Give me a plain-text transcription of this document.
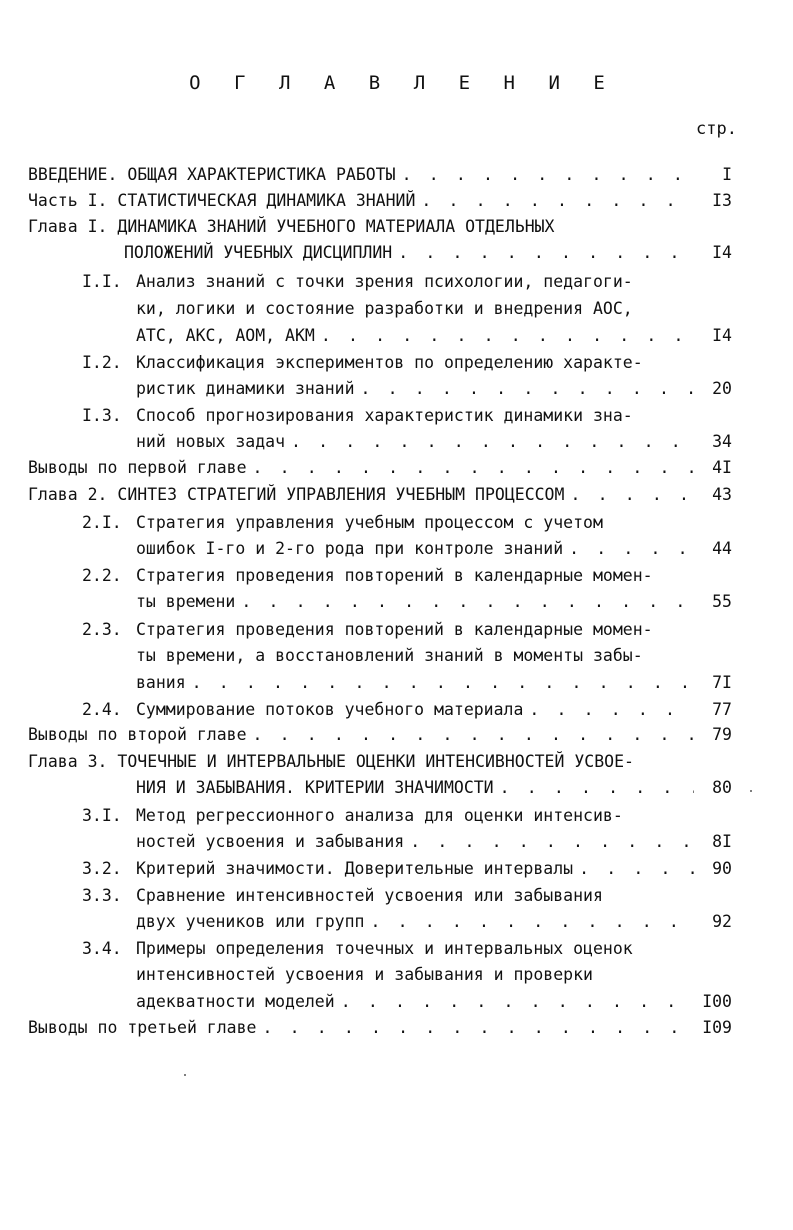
О Г Л А В Л Е Н И Е
стр.
ВВЕДЕНИЕ. ОБЩАЯ ХАРАКТЕРИСТИКА РАБОТЫ . . .	I
Часть I. СТАТИСТИЧЕСКАЯ ДИНАМИКА ЗНАНИЙ . . .	I3
Глава I. ДИНАМИКА ЗНАНИЙ УЧЕБНОГО МАТЕРИАЛА ОТДЕЛЬНЫХ
ПОЛОЖЕНИЙ УЧЕБНЫХ ДИСЦИПЛИН . . .	I4
I.I. Анализ знаний с точки зрения психологии, педагоги-
ки, логики и состояние разработки и внедрения АОС,
АТС, АКС, АОМ, АКМ . . .	I4
I.2. Классификация экспериментов по определению характе-
ристик динамики знаний . . .	20
I.3. Способ прогнозирования характеристик динамики зна-
ний новых задач . . .	34
Выводы по первой главе . . .	4I
Глава 2. СИНТЕЗ СТРАТЕГИЙ УПРАВЛЕНИЯ УЧЕБНЫМ ПРОЦЕССОМ . . .	43
2.I. Стратегия управления учебным процессом с учетом
ошибок I-го и 2-го рода при контроле знаний . . .	44
2.2. Стратегия проведения повторений в календарные момен-
ты времени . . .	55
2.3. Стратегия проведения повторений в календарные момен-
ты времени, а восстановлений знаний в моменты забы-
вания . . .	7I
2.4. Суммирование потоков учебного материала . . .	77
Выводы по второй главе . . .	79
Глава 3. ТОЧЕЧНЫЕ И ИНТЕРВАЛЬНЫЕ ОЦЕНКИ ИНТЕНСИВНОСТЕЙ УСВОЕ-
НИЯ И ЗАБЫВАНИЯ. КРИТЕРИИ ЗНАЧИМОСТИ . . .	80
3.I. Метод регрессионного анализа для оценки интенсив-
ностей усвоения и забывания . . .	8I
3.2. Критерий значимости. Доверительные интервалы . . .	90
3.3. Сравнение интенсивностей усвоения или забывания
двух учеников или групп . . .	92
3.4. Примеры определения точечных и интервальных оценок
интенсивностей усвоения и забывания и проверки
адекватности моделей . . .	I00
Выводы по третьей главе . . .	I09
